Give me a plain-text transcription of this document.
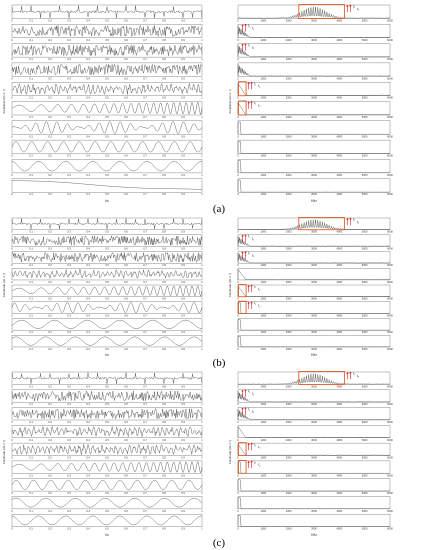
0	0.1	0.2	0.3	0.4	0.5	0.6	0.7	0.8	0.9	1	0	1000	2000	3000	4000	5000	6000
$f_1$ $f_2$
0	0.1	0.2	0.3	0.4	0.5	0.6	0.7	0.8	0.9	1	0	1000	2000	3000	4000	5000	6000
$f_1$ $f_2$
0	0.1	0.2	0.3	0.4	0.5	0.6	0.7	0.8	0.9	1	0	1000	2000	3000	4000	5000	6000
$f_1$ $f_2$
0	0.1	0.2	0.3	0.4	0.5	0.6	0.7	0.8	0.9	1	0	1000	2000	3000	4000	5000	6000
0	0.1	0.2	0.3	0.4	0.5	0.6	0.7	0.8	0.9	1	0	1000	2000	3000	4000	5000	6000
$f_1$ $f_2$
0	0.1	0.2	0.3	0.4	0.5	0.6	0.7	0.8	0.9	1	0	1000	2000	3000	4000	5000	6000
$f_1$ $f_2$
0	0.1	0.2	0.3	0.4	0.5	0.6	0.7	0.8	0.9	1	0	1000	2000	3000	4000	5000	6000
0	0.1	0.2	0.3	0.4	0.5	0.6	0.7	0.8	0.9	1	0	1000	2000	3000	4000	5000	6000
0	0.1	0.2	0.3	0.4	0.5	0.6	0.7	0.8	0.9	1	0	1000	2000	3000	4000	5000	6000
0	0.1	0.2	0.3	0.4	0.5	0.6	0.7	0.8	0.9	1	0	1000	2000	3000	4000	5000	6000
Amplitude /(m·s⁻²)	Amplitude /(m·s⁻²)
t/s	f/Hz
0	0.1	0.2	0.3	0.4	0.5	0.6	0.7	0.8	0.9	1	0	1000	2000	3000	4000	5000	6000
$f_1$ $f_2$
0	0.1	0.2	0.3	0.4	0.5	0.6	0.7	0.8	0.9	1	0	1000	2000	3000	4000	5000	6000
$f_1$ $f_2$
0	0.1	0.2	0.3	0.4	0.5	0.6	0.7	0.8	0.9	1	0	1000	2000	3000	4000	5000	6000
$f_1$ $f_2$
0	0.1	0.2	0.3	0.4	0.5	0.6	0.7	0.8	0.9	1	0	1000	2000	3000	4000	5000	6000
0	0.1	0.2	0.3	0.4	0.5	0.6	0.7	0.8	0.9	1	0	1000	2000	3000	4000	5000	6000
$f_1$ $f_2$
0	0.1	0.2	0.3	0.4	0.5	0.6	0.7	0.8	0.9	1	0	1000	2000	3000	4000	5000	6000
$f_1$ $f_2$
0	0.1	0.2	0.3	0.4	0.5	0.6	0.7	0.8	0.9	1	0	1000	2000	3000	4000	5000	6000
0	0.1	0.2	0.3	0.4	0.5	0.6	0.7	0.8	0.9	1	0	1000	2000	3000	4000	5000	6000
Amplitude /(m·s⁻²)	Amplitude /(m·s⁻²)
t/s	f/Hz
0	0.1	0.2	0.3	0.4	0.5	0.6	0.7	0.8	0.9	1	0	1000	2000	3000	4000	5000	6000
$f_1$ $f_2$
0	0.1	0.2	0.3	0.4	0.5	0.6	0.7	0.8	0.9	1	0	1000	2000	3000	4000	5000	6000
$f_1$ $f_2$
0	0.1	0.2	0.3	0.4	0.5	0.6	0.7	0.8	0.9	1	0	1000	2000	3000	4000	5000	6000
$f_1$ $f_2$
0	0.1	0.2	0.3	0.4	0.5	0.6	0.7	0.8	0.9	1	0	1000	2000	3000	4000	5000	6000
0	0.1	0.2	0.3	0.4	0.5	0.6	0.7	0.8	0.9	1	0	1000	2000	3000	4000	5000	6000
$f_1$ $f_2$
0	0.1	0.2	0.3	0.4	0.5	0.6	0.7	0.8	0.9	1	0	1000	2000	3000	4000	5000	6000
$f_1$ $f_2$
0	0.1	0.2	0.3	0.4	0.5	0.6	0.7	0.8	0.9	1	0	1000	2000	3000	4000	5000	6000
0	0.1	0.2	0.3	0.4	0.5	0.6	0.7	0.8	0.9	1	0	1000	2000	3000	4000	5000	6000
0	0.1	0.2	0.3	0.4	0.5	0.6	0.7	0.8	0.9	1	0	1000	2000	3000	4000	5000	6000
Amplitude /(m·s⁻²)	Amplitude /(m·s⁻²)
t/s	f/Hz
(a)
(b)
(c)
